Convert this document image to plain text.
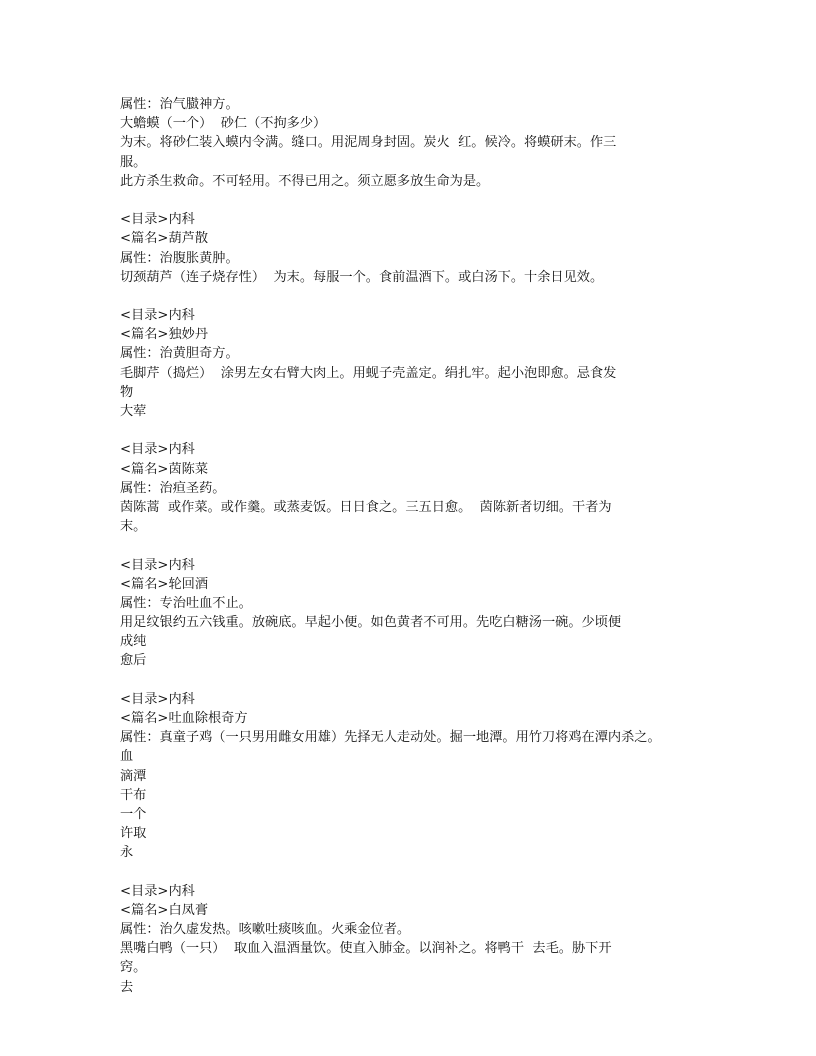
属性：治气臌神方。
大蟾蟆（一个）  砂仁（不拘多少）
为末。将砂仁装入蟆内令满。缝口。用泥周身封固。炭火  红。候冷。将蟆研末。作三
服。
此方杀生救命。不可轻用。不得已用之。须立愿多放生命为是。
<目录>内科
<篇名>葫芦散
属性：治腹胀黄肿。
切颈葫芦（连子烧存性）  为末。每服一个。食前温酒下。或白汤下。十余日见效。
<目录>内科
<篇名>独妙丹
属性：治黄胆奇方。
毛脚芹（捣烂）  涂男左女右臂大肉上。用蚬子壳盖定。绢扎牢。起小泡即愈。忌食发
物
大荤
<目录>内科
<篇名>茵陈菜
属性：治疸圣药。
茵陈蒿  或作菜。或作羹。或蒸麦饭。日日食之。三五日愈。  茵陈新者切细。干者为
末。
<目录>内科
<篇名>轮回酒
属性：专治吐血不止。
用足纹银约五六钱重。放碗底。早起小便。如色黄者不可用。先吃白糖汤一碗。少顷便
成纯
愈后
<目录>内科
<篇名>吐血除根奇方
属性：真童子鸡（一只男用雌女用雄）先择无人走动处。掘一地潭。用竹刀将鸡在潭内杀之。
血
滴潭
干布
一个
许取
永
<目录>内科
<篇名>白凤膏
属性：治久虚发热。咳嗽吐痰咳血。火乘金位者。
黑嘴白鸭（一只）  取血入温酒量饮。使直入肺金。以润补之。将鸭干  去毛。胁下开
窍。
去
